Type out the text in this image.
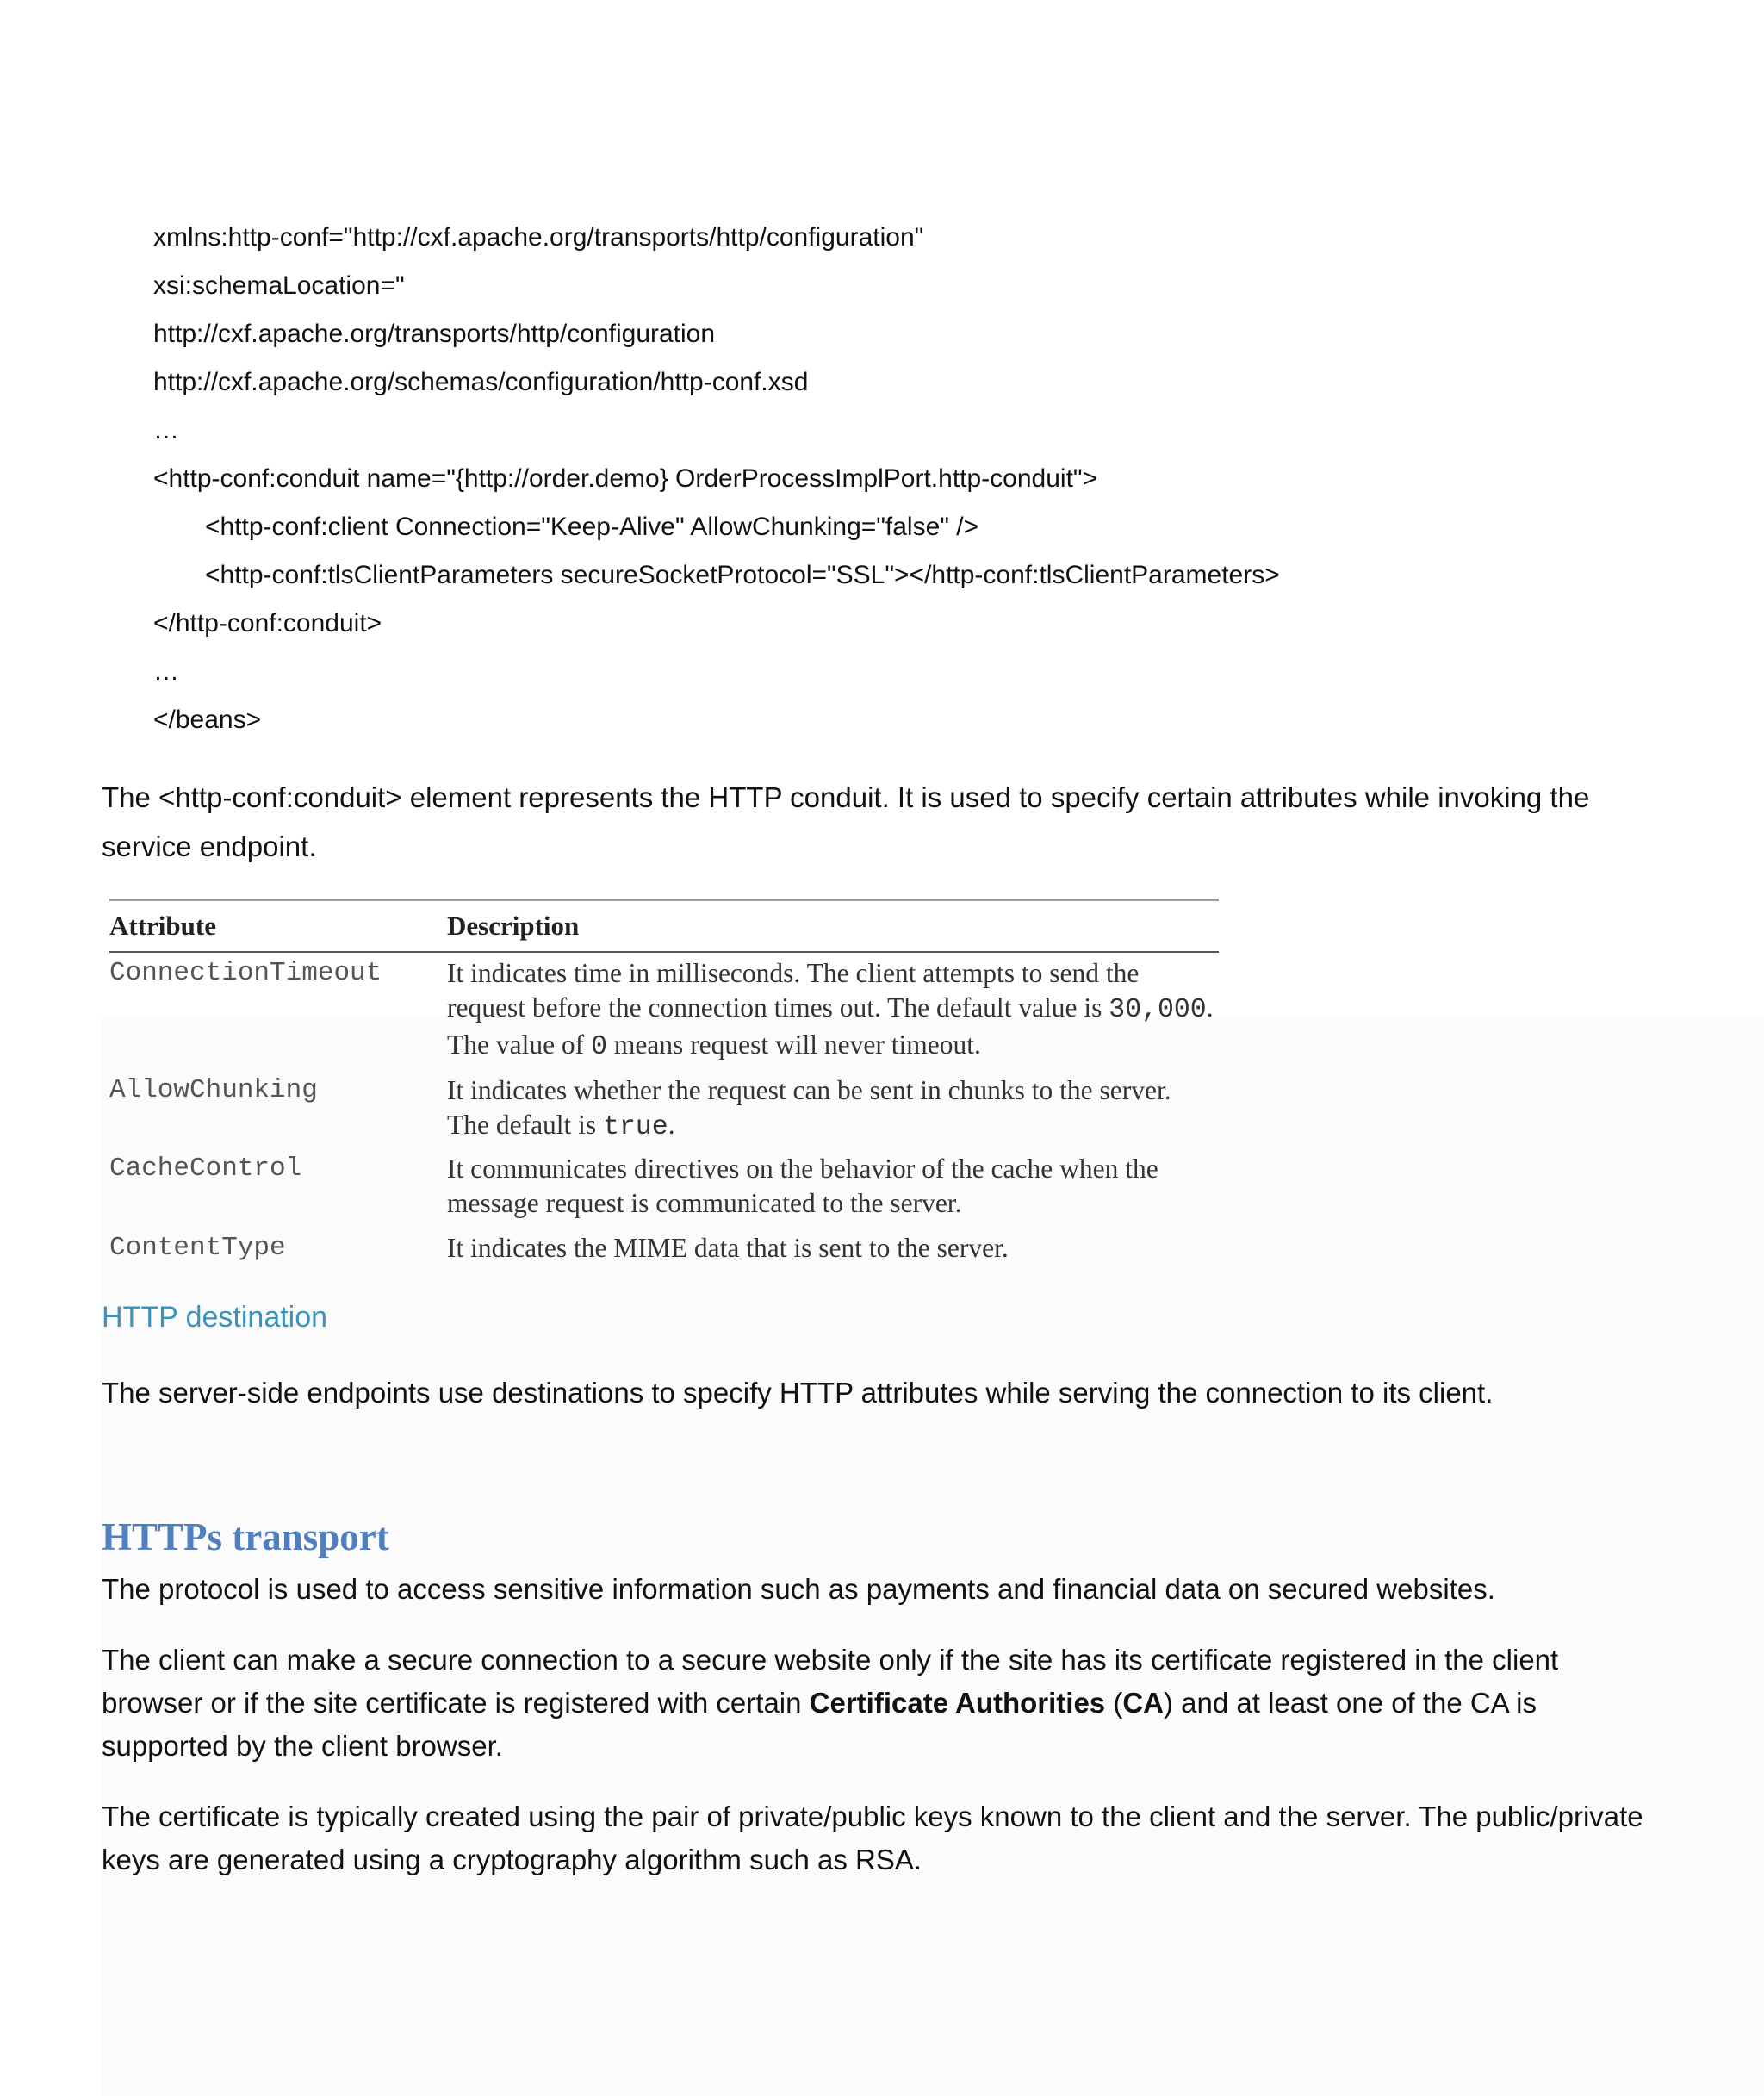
xmlns:http-conf="http://cxf.apache.org/transports/http/configuration"
xsi:schemaLocation="
http://cxf.apache.org/transports/http/configuration
http://cxf.apache.org/schemas/configuration/http-conf.xsd
…
<http-conf:conduit name="{http://order.demo} OrderProcessImplPort.http-conduit">
<http-conf:client Connection="Keep-Alive" AllowChunking="false" />
<http-conf:tlsClientParameters secureSocketProtocol="SSL"></http-conf:tlsClientParameters>
</http-conf:conduit>
…
</beans>
The <http-conf:conduit> element represents the HTTP conduit. It is used to specify certain attributes while invoking the service endpoint.
Attribute	Description
ConnectionTimeout	It indicates time in milliseconds. The client attempts to send the request before the connection times out. The default value is 30,000. The value of 0 means request will never timeout.
AllowChunking	It indicates whether the request can be sent in chunks to the server. The default is true.
CacheControl	It communicates directives on the behavior of the cache when the message request is communicated to the server.
ContentType	It indicates the MIME data that is sent to the server.
HTTP destination
The server-side endpoints use destinations to specify HTTP attributes while serving the connection to its client.
HTTPs transport
The protocol is used to access sensitive information such as payments and financial data on secured websites.
The client can make a secure connection to a secure website only if the site has its certificate registered in the client browser or if the site certificate is registered with certain Certificate Authorities (CA) and at least one of the CA is supported by the client browser.
The certificate is typically created using the pair of private/public keys known to the client and the server. The public/private keys are generated using a cryptography algorithm such as RSA.
